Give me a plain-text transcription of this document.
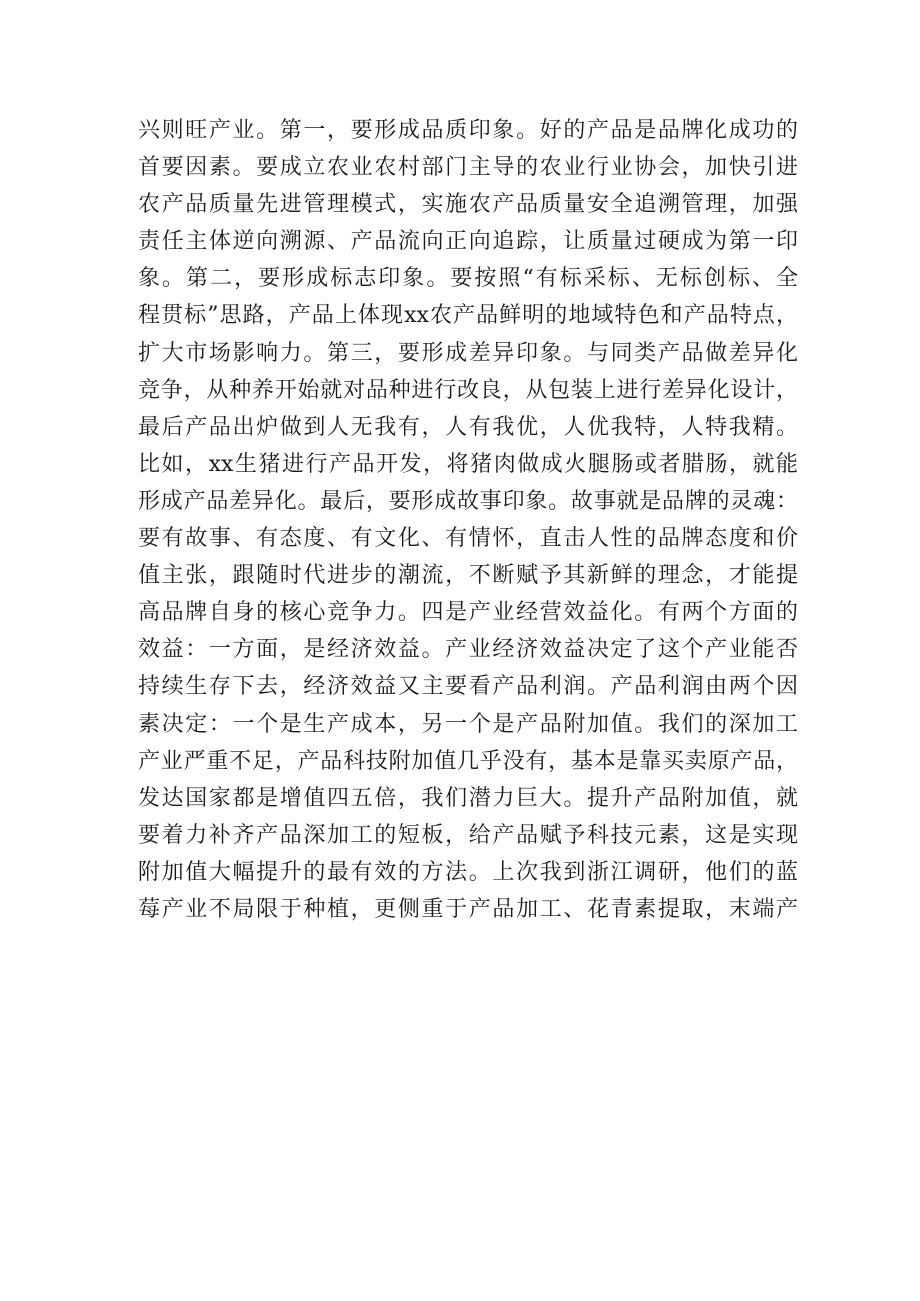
兴则旺产业。第一，要形成品质印象。好的产品是品牌化成功的
首要因素。要成立农业农村部门主导的农业行业协会，加快引进
农产品质量先进管理模式，实施农产品质量安全追溯管理，加强
责任主体逆向溯源、产品流向正向追踪，让质量过硬成为第一印
象。第二，要形成标志印象。要按照“有标采标、无标创标、全
程贯标”思路，产品上体现xx农产品鲜明的地域特色和产品特点，
扩大市场影响力。第三，要形成差异印象。与同类产品做差异化
竞争，从种养开始就对品种进行改良，从包装上进行差异化设计，
最后产品出炉做到人无我有，人有我优，人优我特，人特我精。
比如，xx生猪进行产品开发，将猪肉做成火腿肠或者腊肠，就能
形成产品差异化。最后，要形成故事印象。故事就是品牌的灵魂：
要有故事、有态度、有文化、有情怀，直击人性的品牌态度和价
值主张，跟随时代进步的潮流，不断赋予其新鲜的理念，才能提
高品牌自身的核心竞争力。四是产业经营效益化。有两个方面的
效益：一方面，是经济效益。产业经济效益决定了这个产业能否
持续生存下去，经济效益又主要看产品利润。产品利润由两个因
素决定：一个是生产成本，另一个是产品附加值。我们的深加工
产业严重不足，产品科技附加值几乎没有，基本是靠买卖原产品，
发达国家都是增值四五倍，我们潜力巨大。提升产品附加值，就
要着力补齐产品深加工的短板，给产品赋予科技元素，这是实现
附加值大幅提升的最有效的方法。上次我到浙江调研，他们的蓝
莓产业不局限于种植，更侧重于产品加工、花青素提取，末端产
